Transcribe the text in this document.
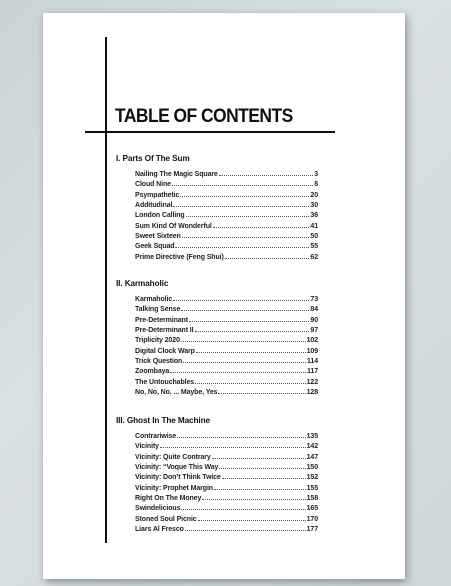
TABLE OF CONTENTS
I. Parts Of The Sum
Nailing The Magic Square	3
Cloud Nine	8
Psympathetic	20
Additudinal	30
London Calling	36
Sum Kind Of Wonderful	41
Sweet Sixteen	50
Geek Squad	55
Prime Directive (Feng Shui)	62
II. Karmaholic
Karmaholic	73
Talking Sense	84
Pre-Determinant	90
Pre-Determinant II	97
Triplicity 2020	102
Digital Clock Warp	109
Trick Question	114
Zoombaya	117
The Untouchables	122
No, No, No, ... Maybe, Yes	128
III. Ghost In The Machine
Contrariwise	135
Vicinity	142
Vicinity: Quite Contrary	147
Vicinity: “Voque This Way	150
Vicinity: Don’t Think Twice	152
Vicinity: Prophet Margin	155
Right On The Money	158
Swindelicious	165
Stoned Soul Picnic	170
Liars Al Fresco	177
